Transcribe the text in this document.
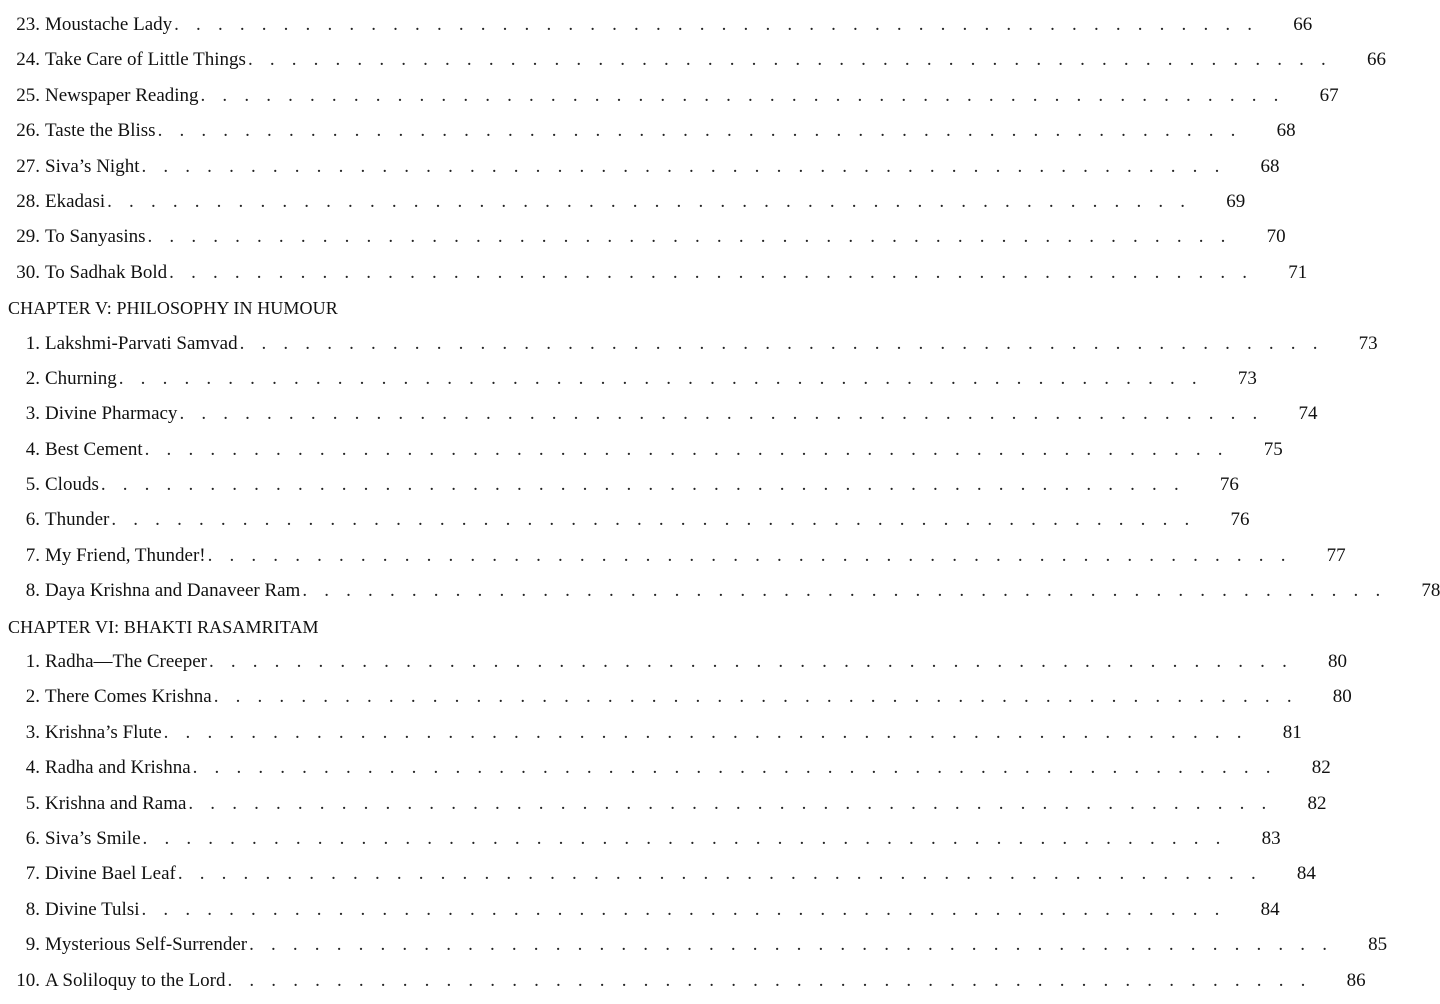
23. Moustache Lady . . . . . . . . . . . . . . . . . . . . . . . . . . . . . . . . . . . . . . . . . . . . . . . . . .	66
24. Take Care of Little Things . . . . . . . . . . . . . . . . . . . . . . . . . . . . . . . . . . . . . . . . . . . . . . . . . .	66
25. Newspaper Reading . . . . . . . . . . . . . . . . . . . . . . . . . . . . . . . . . . . . . . . . . . . . . . . . . .	67
26. Taste the Bliss . . . . . . . . . . . . . . . . . . . . . . . . . . . . . . . . . . . . . . . . . . . . . . . . . .	68
27. Siva’s Night . . . . . . . . . . . . . . . . . . . . . . . . . . . . . . . . . . . . . . . . . . . . . . . . . .	68
28. Ekadasi . . . . . . . . . . . . . . . . . . . . . . . . . . . . . . . . . . . . . . . . . . . . . . . . . .	69
29. To Sanyasins . . . . . . . . . . . . . . . . . . . . . . . . . . . . . . . . . . . . . . . . . . . . . . . . . .	70
30. To Sadhak Bold . . . . . . . . . . . . . . . . . . . . . . . . . . . . . . . . . . . . . . . . . . . . . . . . . .	71
CHAPTER V: PHILOSOPHY IN HUMOUR
1. Lakshmi-Parvati Samvad . . . . . . . . . . . . . . . . . . . . . . . . . . . . . . . . . . . . . . . . . . . . . . . . . .	73
2. Churning . . . . . . . . . . . . . . . . . . . . . . . . . . . . . . . . . . . . . . . . . . . . . . . . . .	73
3. Divine Pharmacy . . . . . . . . . . . . . . . . . . . . . . . . . . . . . . . . . . . . . . . . . . . . . . . . . .	74
4. Best Cement . . . . . . . . . . . . . . . . . . . . . . . . . . . . . . . . . . . . . . . . . . . . . . . . . .	75
5. Clouds . . . . . . . . . . . . . . . . . . . . . . . . . . . . . . . . . . . . . . . . . . . . . . . . . .	76
6. Thunder . . . . . . . . . . . . . . . . . . . . . . . . . . . . . . . . . . . . . . . . . . . . . . . . . .	76
7. My Friend, Thunder! . . . . . . . . . . . . . . . . . . . . . . . . . . . . . . . . . . . . . . . . . . . . . . . . . .	77
8. Daya Krishna and Danaveer Ram . . . . . . . . . . . . . . . . . . . . . . . . . . . . . . . . . . . . . . . . . . . . . . . . . .	78
CHAPTER VI: BHAKTI RASAMRITAM
1. Radha—The Creeper . . . . . . . . . . . . . . . . . . . . . . . . . . . . . . . . . . . . . . . . . . . . . . . . . .	80
2. There Comes Krishna . . . . . . . . . . . . . . . . . . . . . . . . . . . . . . . . . . . . . . . . . . . . . . . . . .	80
3. Krishna’s Flute . . . . . . . . . . . . . . . . . . . . . . . . . . . . . . . . . . . . . . . . . . . . . . . . . .	81
4. Radha and Krishna . . . . . . . . . . . . . . . . . . . . . . . . . . . . . . . . . . . . . . . . . . . . . . . . . .	82
5. Krishna and Rama . . . . . . . . . . . . . . . . . . . . . . . . . . . . . . . . . . . . . . . . . . . . . . . . . .	82
6. Siva’s Smile . . . . . . . . . . . . . . . . . . . . . . . . . . . . . . . . . . . . . . . . . . . . . . . . . .	83
7. Divine Bael Leaf . . . . . . . . . . . . . . . . . . . . . . . . . . . . . . . . . . . . . . . . . . . . . . . . . .	84
8. Divine Tulsi . . . . . . . . . . . . . . . . . . . . . . . . . . . . . . . . . . . . . . . . . . . . . . . . . .	84
9. Mysterious Self-Surrender . . . . . . . . . . . . . . . . . . . . . . . . . . . . . . . . . . . . . . . . . . . . . . . . . .	85
10. A Soliloquy to the Lord . . . . . . . . . . . . . . . . . . . . . . . . . . . . . . . . . . . . . . . . . . . . . . . . . .	86
